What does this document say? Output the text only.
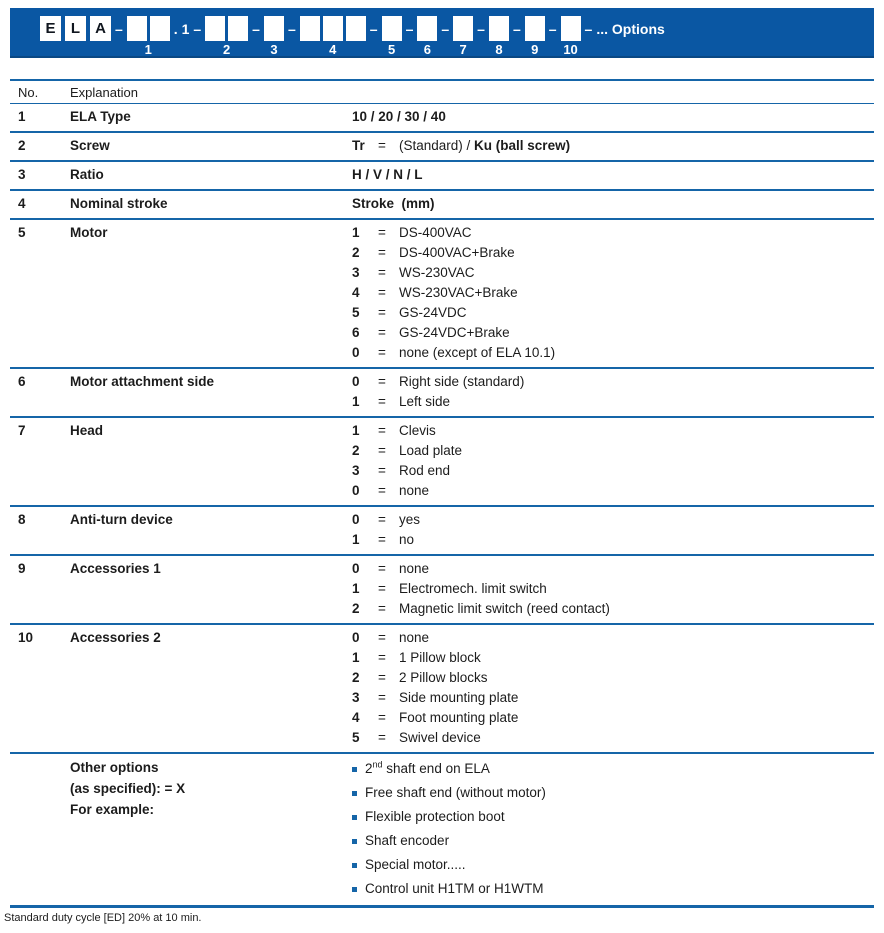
E	L	A –
1
. 1 –
2
–
3
–
4
–
5
–
6
–
7
–
8
–
9
–
10
– ... Options
No.	Explanation
1	ELA Type	10 / 20 / 30 / 40
2	Screw	Tr = (Standard) / Ku (ball screw)
3	Ratio	H / V / N / L
4	Nominal stroke	Stroke  (mm)
5	Motor	1	= DS-400VAC
2	= DS-400VAC+Brake
3	= WS-230VAC
4	= WS-230VAC+Brake
5	= GS-24VDC
6	= GS-24VDC+Brake
0	= none (except of ELA 10.1)
6	Motor attachment side	0	= Right side (standard)
1	= Left side
7	Head	1	= Clevis
2	= Load plate
3	= Rod end
0	= none
8	Anti-turn device	0	= yes
1	= no
9	Accessories 1	0	= none
1	= Electromech. limit switch
2	= Magnetic limit switch (reed contact)
10	Accessories 2	0	= none
1	= 1 Pillow block
2	= 2 Pillow blocks
3	= Side mounting plate
4	= Foot mounting plate
5	= Swivel device
Other options
(as specified): = X
For example:
2nd shaft end on ELA
Free shaft end (without motor)
Flexible protection boot
Shaft encoder
Special motor.....
Control unit H1TM or H1WTM
Standard duty cycle [ED] 20% at 10 min.
